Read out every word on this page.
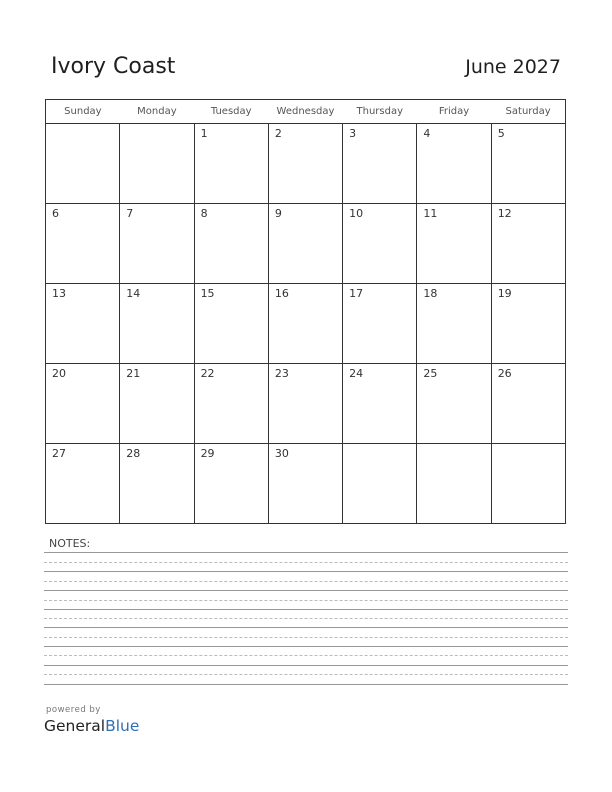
Ivory Coast	June 2027
Sunday	Monday	Tuesday	Wednesday	Thursday	Friday	Saturday
		1	2	3	4	5
6	7	8	9	10	11	12
13	14	15	16	17	18	19
20	21	22	23	24	25	26
27	28	29	30			
NOTES:
powered by
GeneralBlue
